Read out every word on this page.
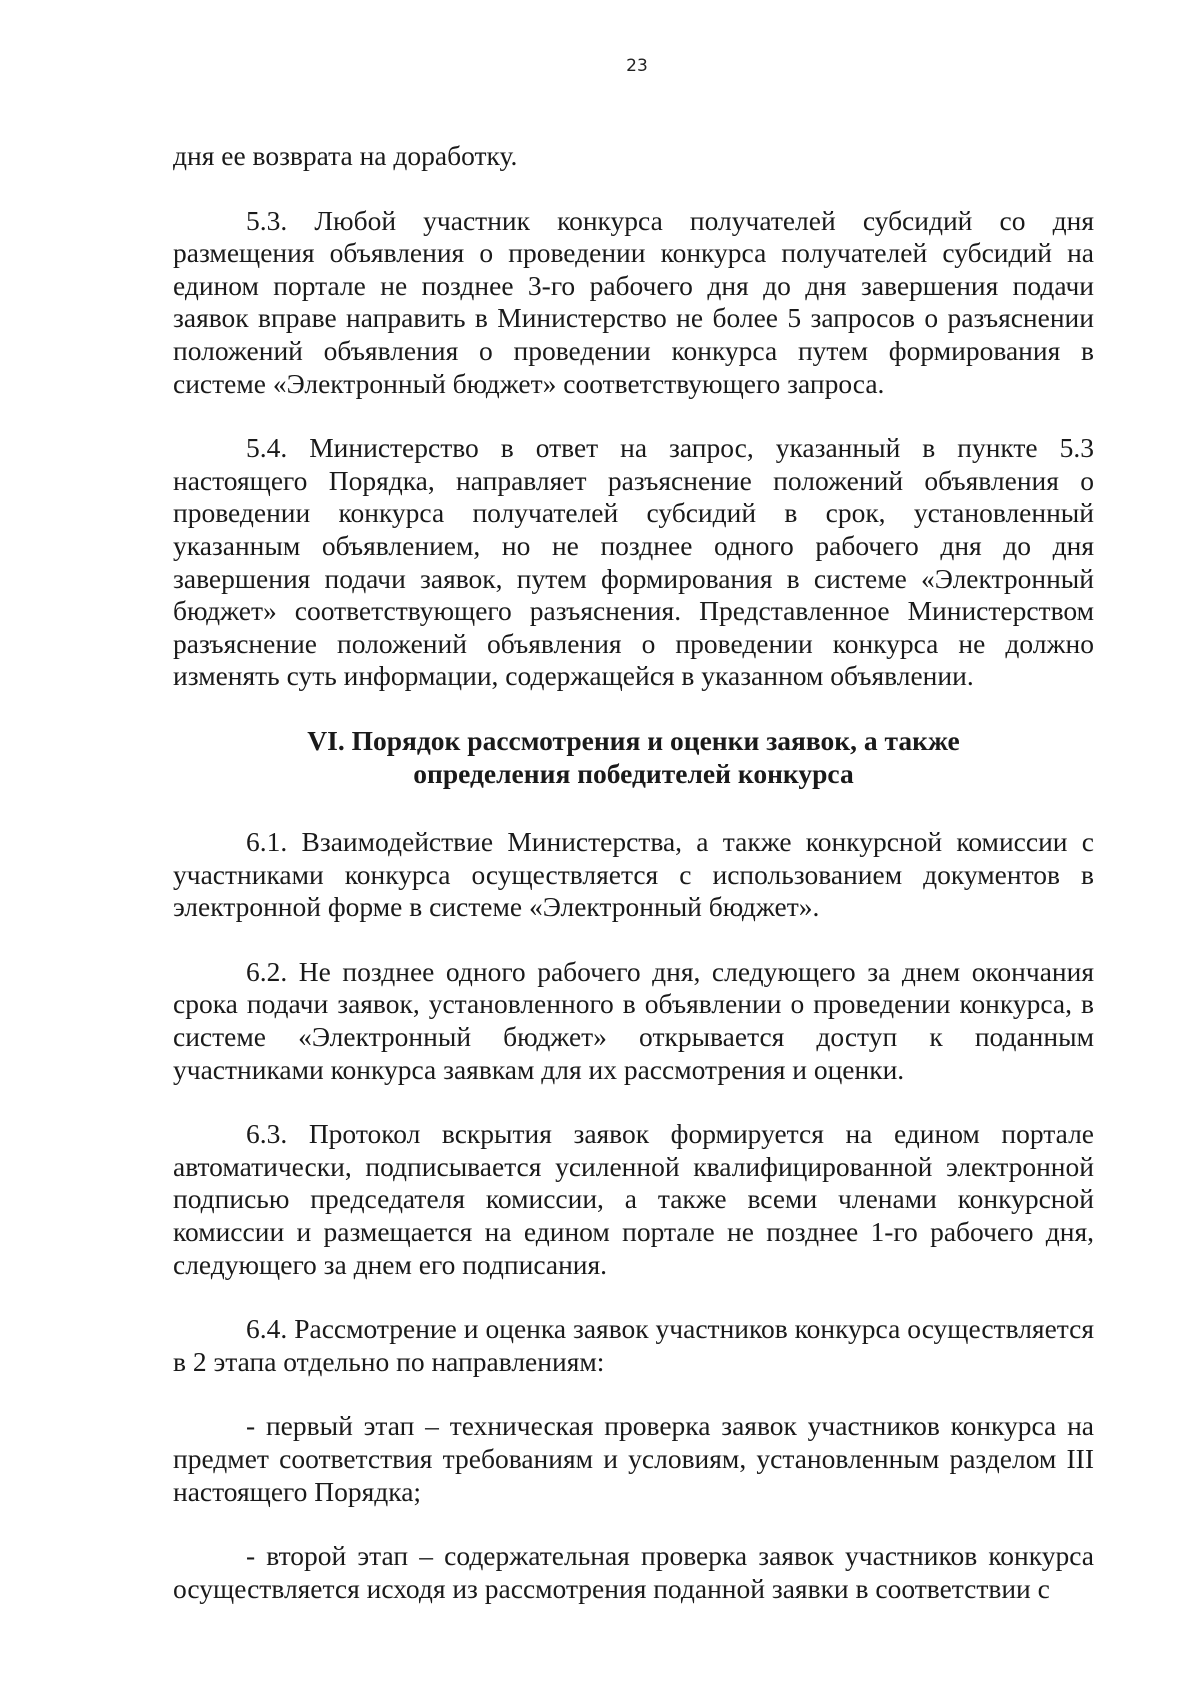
23

дня ее возврата на доработку.

5.3. Любой участник конкурса получателей субсидий со дня размещения объявления о проведении конкурса получателей субсидий на едином портале не позднее 3-го рабочего дня до дня завершения подачи заявок вправе направить в Министерство не более 5 запросов о разъяснении положений объявления о проведении конкурса путем формирования в системе «Электронный бюджет» соответствующего запроса.

5.4. Министерство в ответ на запрос, указанный в пункте 5.3 настоящего Порядка, направляет разъяснение положений объявления о проведении конкурса получателей субсидий в срок, установленный указанным объявлением, но не позднее одного рабочего дня до дня завершения подачи заявок, путем формирования в системе «Электронный бюджет» соответствующего разъяснения. Представленное Министерством разъяснение положений объявления о проведении конкурса не должно изменять суть информации, содержащейся в указанном объявлении.

VI. Порядок рассмотрения и оценки заявок, а также
определения победителей конкурса

6.1. Взаимодействие Министерства, а также конкурсной комиссии с участниками конкурса осуществляется с использованием документов в электронной форме в системе «Электронный бюджет».

6.2. Не позднее одного рабочего дня, следующего за днем окончания срока подачи заявок, установленного в объявлении о проведении конкурса, в системе «Электронный бюджет» открывается доступ к поданным участниками конкурса заявкам для их рассмотрения и оценки.

6.3. Протокол вскрытия заявок формируется на едином портале автоматически, подписывается усиленной квалифицированной электронной подписью председателя комиссии, а также всеми членами конкурсной комиссии и размещается на едином портале не позднее 1-го рабочего дня, следующего за днем его подписания.

6.4. Рассмотрение и оценка заявок участников конкурса осуществляется в 2 этапа отдельно по направлениям:

- первый этап – техническая проверка заявок участников конкурса на предмет соответствия требованиям и условиям, установленным разделом III настоящего Порядка;

- второй этап – содержательная проверка заявок участников конкурса осуществляется исходя из рассмотрения поданной заявки в соответствии с
